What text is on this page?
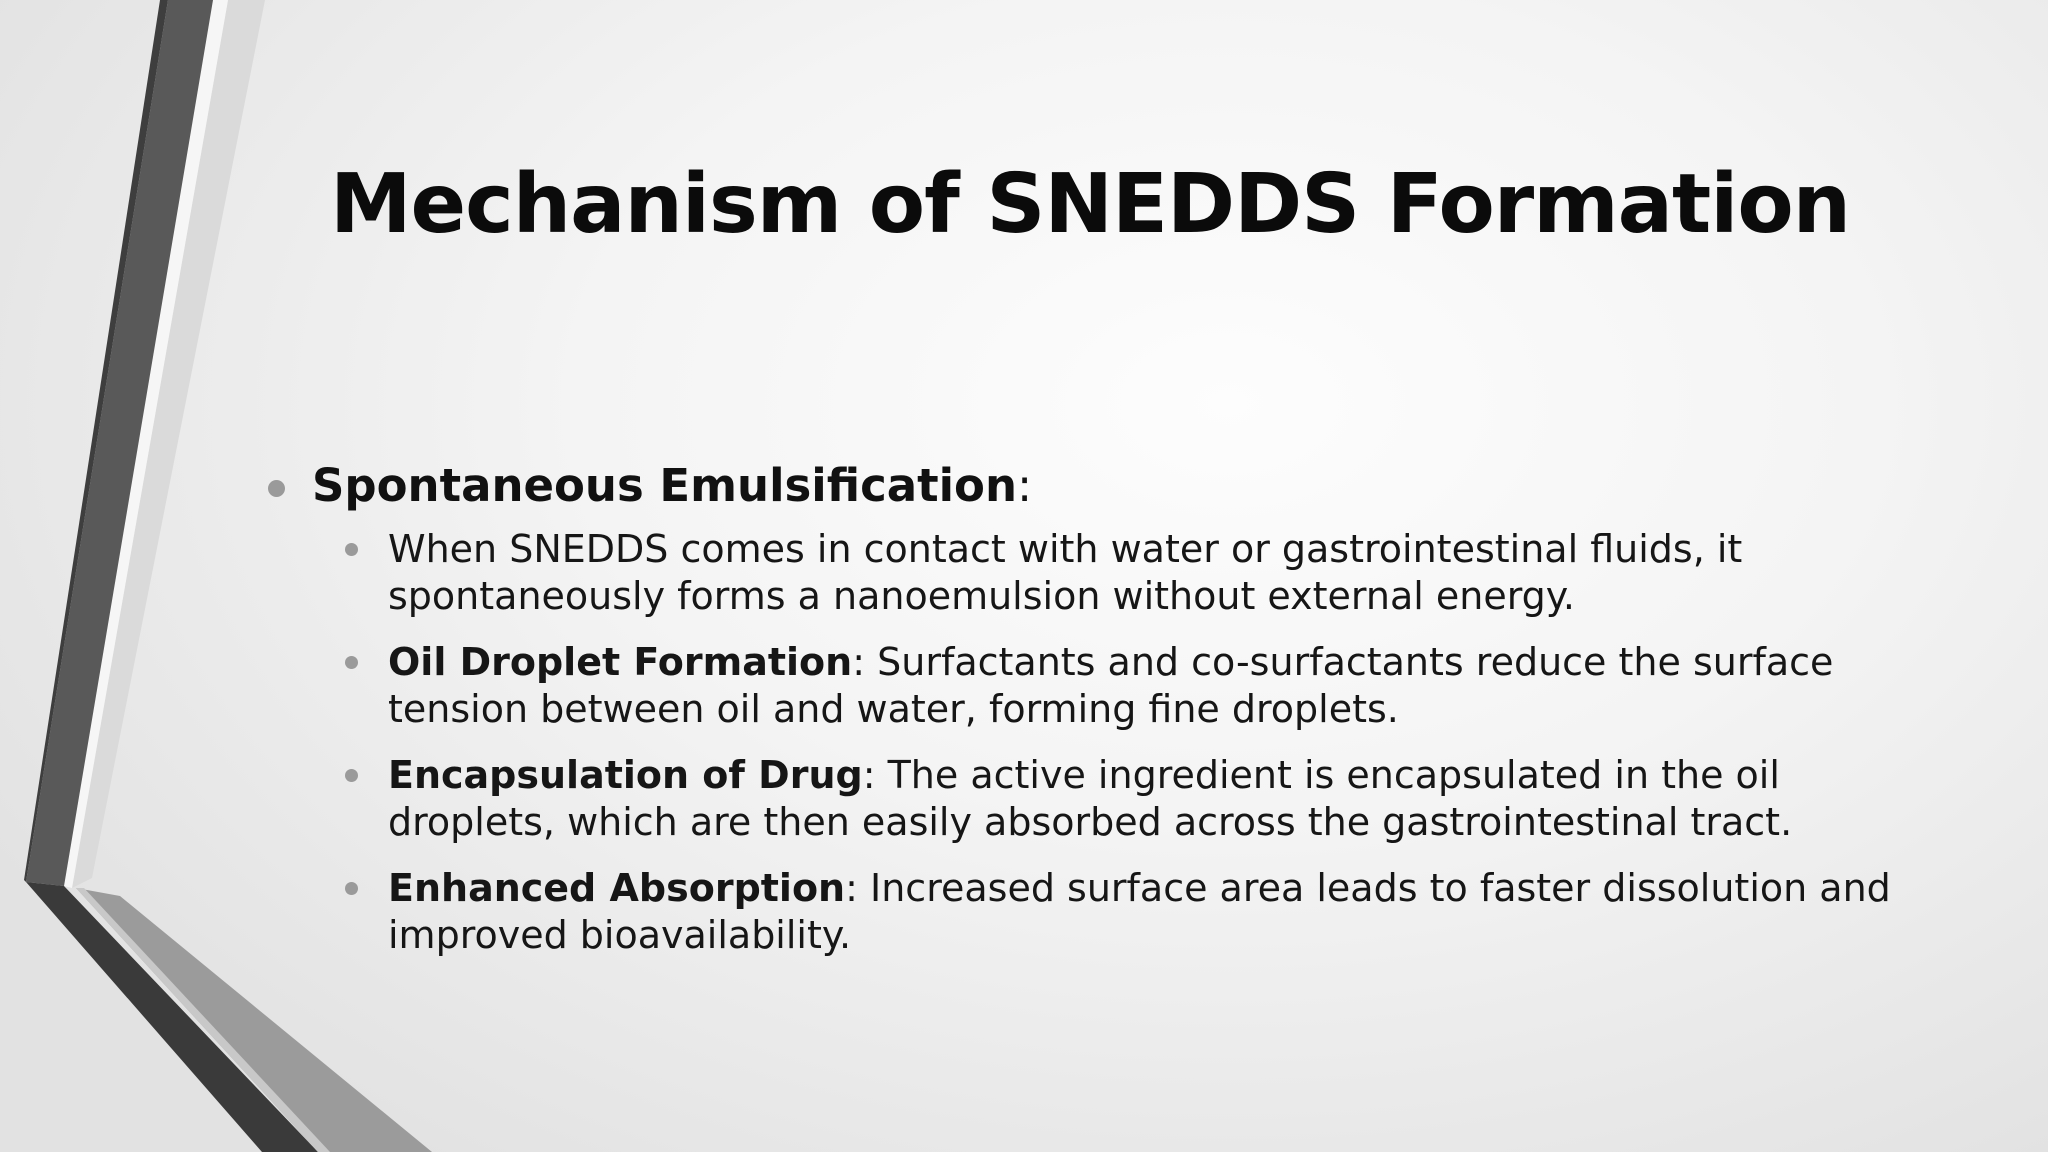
Mechanism of SNEDDS Formation
Spontaneous Emulsification:
When SNEDDS comes in contact with water or gastrointestinal fluids, it spontaneously forms a nanoemulsion without external energy.
Oil Droplet Formation: Surfactants and co-surfactants reduce the surface tension between oil and water, forming fine droplets.
Encapsulation of Drug: The active ingredient is encapsulated in the oil droplets, which are then easily absorbed across the gastrointestinal tract.
Enhanced Absorption: Increased surface area leads to faster dissolution and improved bioavailability.
